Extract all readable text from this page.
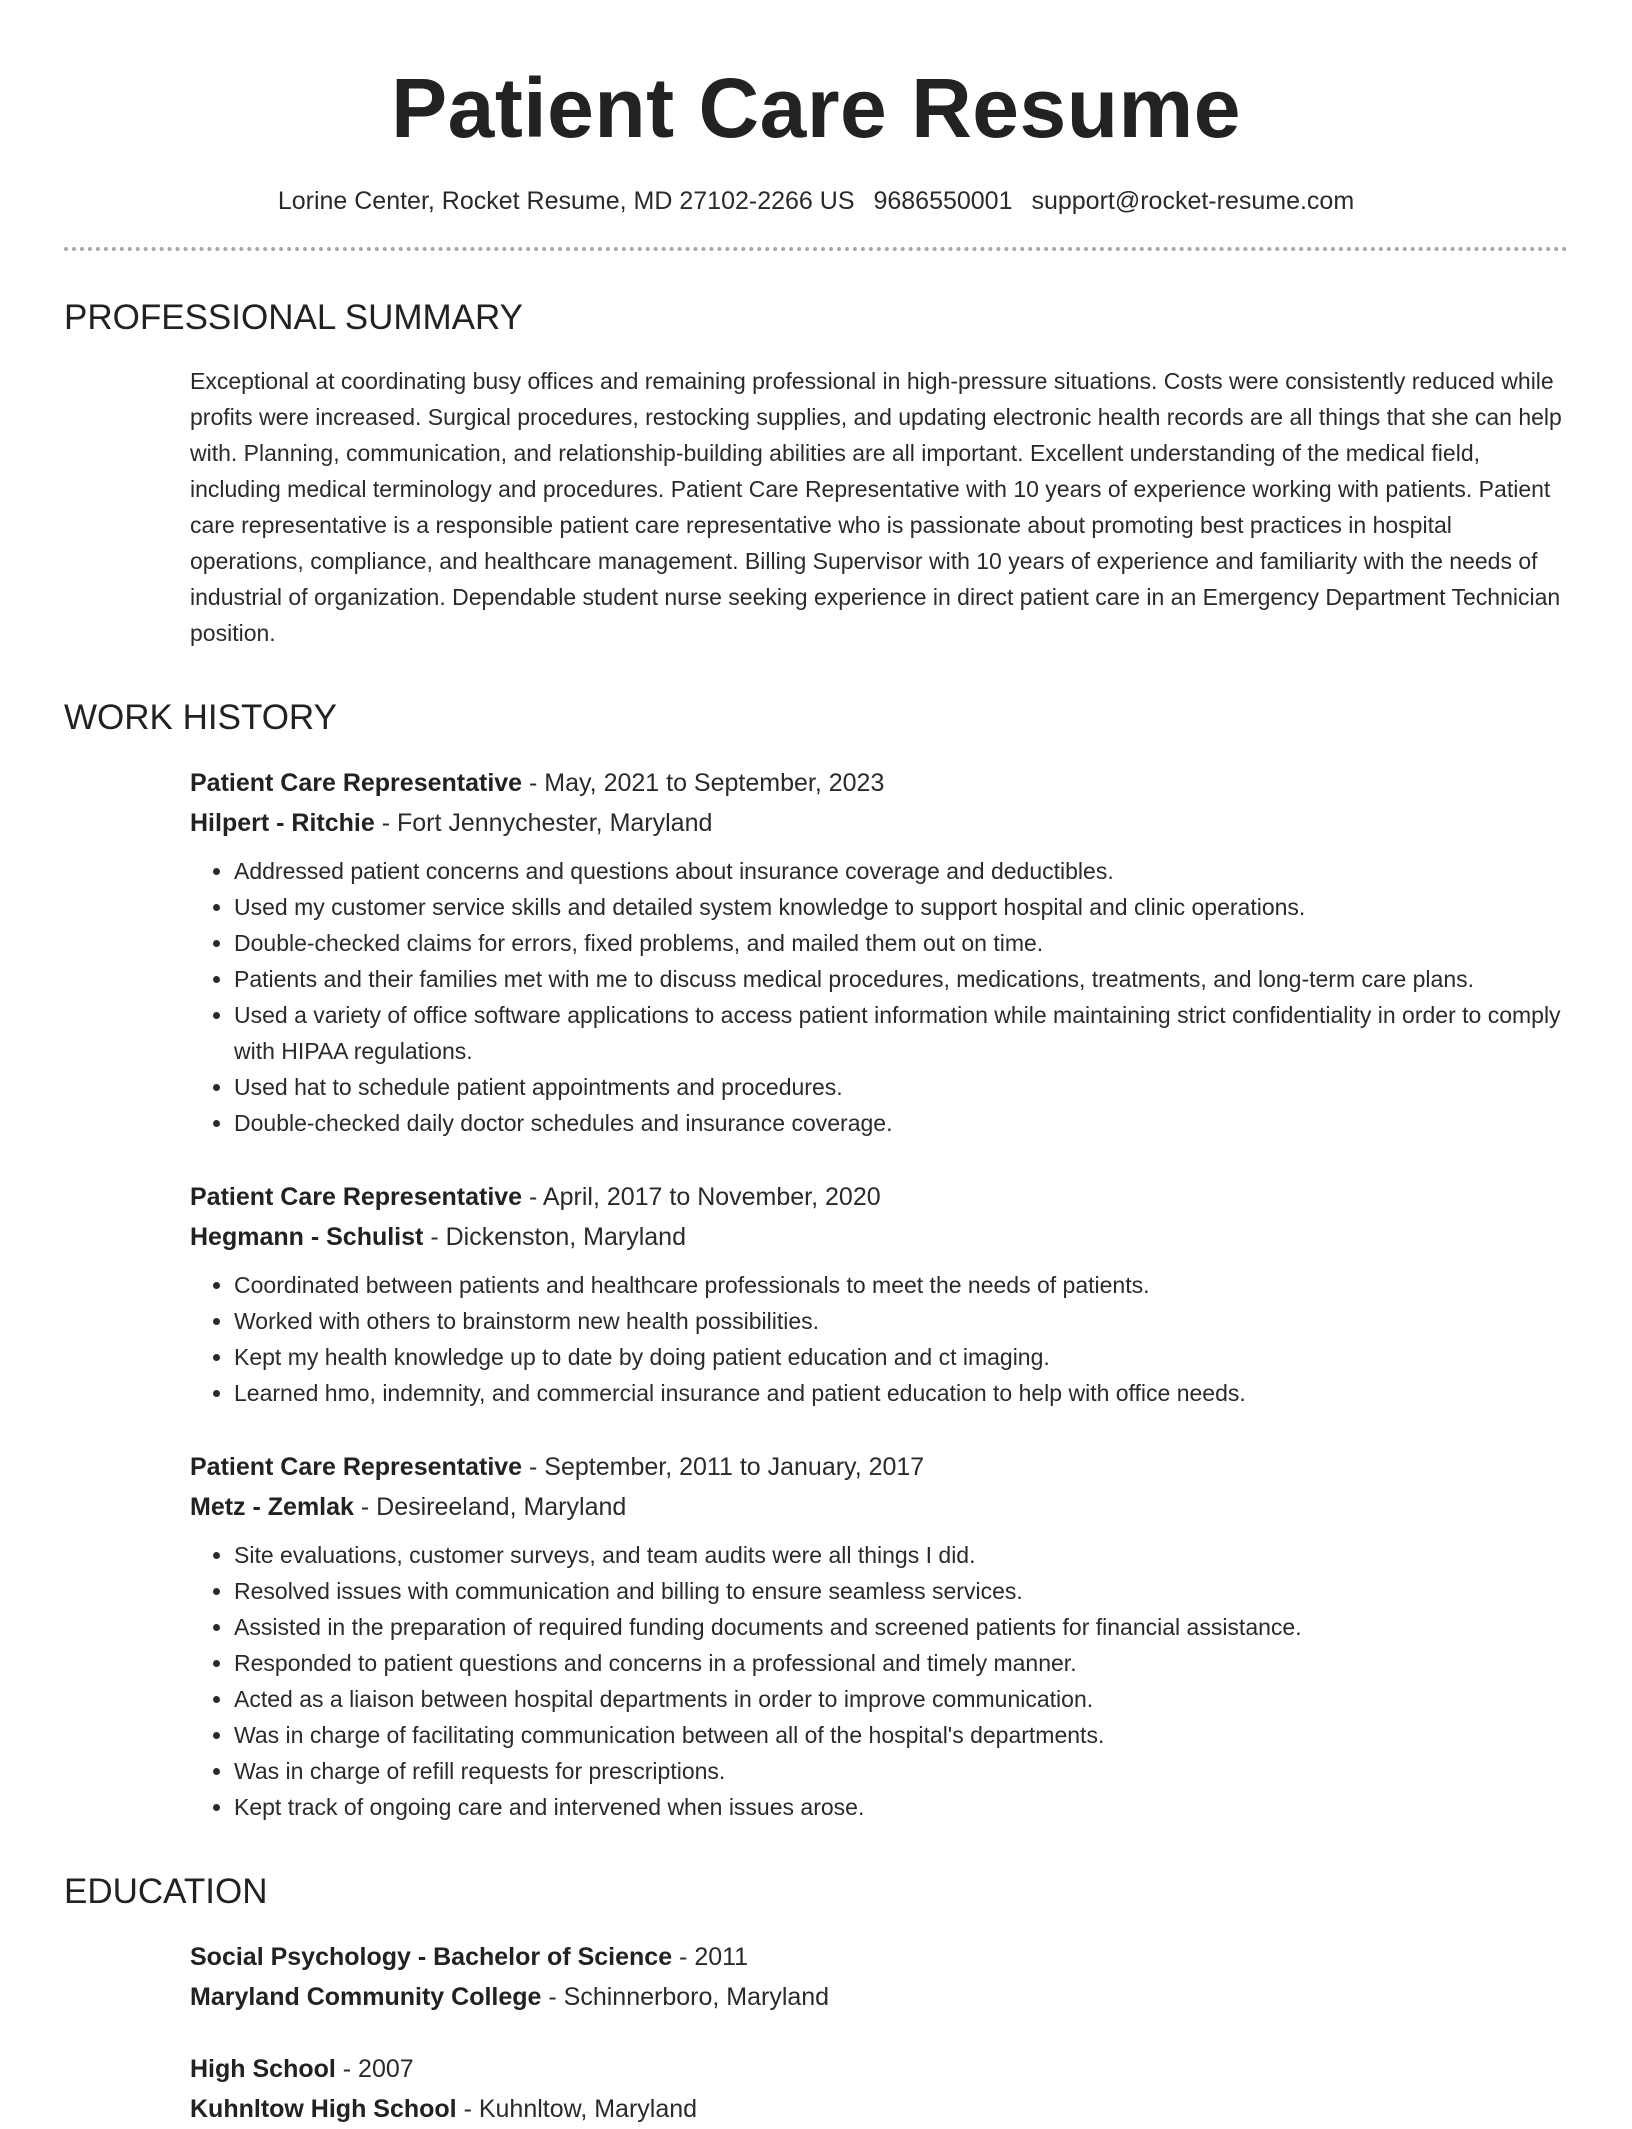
Patient Care Resume
Lorine Center, Rocket Resume, MD 27102-2266 US 9686550001 support@rocket-resume.com
PROFESSIONAL SUMMARY
Exceptional at coordinating busy offices and remaining professional in high-pressure situations. Costs were consistently reduced while profits were increased. Surgical procedures, restocking supplies, and updating electronic health records are all things that she can help with. Planning, communication, and relationship-building abilities are all important. Excellent understanding of the medical field, including medical terminology and procedures. Patient Care Representative with 10 years of experience working with patients. Patient care representative is a responsible patient care representative who is passionate about promoting best practices in hospital operations, compliance, and healthcare management. Billing Supervisor with 10 years of experience and familiarity with the needs of industrial of organization. Dependable student nurse seeking experience in direct patient care in an Emergency Department Technician position.
WORK HISTORY
Patient Care Representative - May, 2021 to September, 2023
Hilpert - Ritchie - Fort Jennychester, Maryland
• Addressed patient concerns and questions about insurance coverage and deductibles.
• Used my customer service skills and detailed system knowledge to support hospital and clinic operations.
• Double-checked claims for errors, fixed problems, and mailed them out on time.
• Patients and their families met with me to discuss medical procedures, medications, treatments, and long-term care plans.
• Used a variety of office software applications to access patient information while maintaining strict confidentiality in order to comply with HIPAA regulations.
• Used hat to schedule patient appointments and procedures.
• Double-checked daily doctor schedules and insurance coverage.
Patient Care Representative - April, 2017 to November, 2020
Hegmann - Schulist - Dickenston, Maryland
• Coordinated between patients and healthcare professionals to meet the needs of patients.
• Worked with others to brainstorm new health possibilities.
• Kept my health knowledge up to date by doing patient education and ct imaging.
• Learned hmo, indemnity, and commercial insurance and patient education to help with office needs.
Patient Care Representative - September, 2011 to January, 2017
Metz - Zemlak - Desireeland, Maryland
• Site evaluations, customer surveys, and team audits were all things I did.
• Resolved issues with communication and billing to ensure seamless services.
• Assisted in the preparation of required funding documents and screened patients for financial assistance.
• Responded to patient questions and concerns in a professional and timely manner.
• Acted as a liaison between hospital departments in order to improve communication.
• Was in charge of facilitating communication between all of the hospital's departments.
• Was in charge of refill requests for prescriptions.
• Kept track of ongoing care and intervened when issues arose.
EDUCATION
Social Psychology - Bachelor of Science - 2011
Maryland Community College - Schinnerboro, Maryland
High School - 2007
Kuhnltow High School - Kuhnltow, Maryland
